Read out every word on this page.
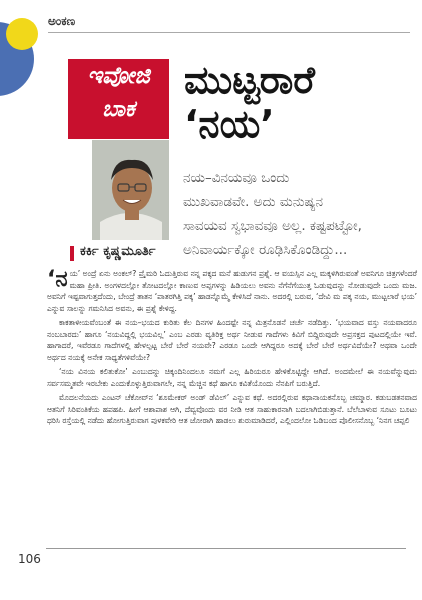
ಅಂಕಣ
ಇವೋಜಿ
ಬಾಕ
ಕರ್ಕಿ ಕೃಷ್ಣಮೂರ್ತಿ
ಮುಟ್ಟರಾರೆ
‘ನಯ’
ನಯ–ವಿನಯವೂ ಒಂದು
ಮುಖವಾಡವೇ. ಅದು ಮನುಷ್ಯನ
ಸಾವಯವ ಸ್ವಭಾವವೂ ಅಲ್ಲ. ಕಷ್ಟಪಟ್ಟೋ,
ಅನಿವಾರ್ಯಕ್ಕೋ ರೂಢಿಸಿಕೊಂಡಿದ್ದು...

‘ನ ಯ’ ಅಂದ್ರೆ ಏನು ಅಂಕಲ್? ಪ್ರೈಮರಿ ಓದುತ್ತಿರುವ ನನ್ನ ಪಕ್ಕದ ಮನೆ ಹುಡುಗನ ಪ್ರಶ್ನೆ. ಆ ವಯಸ್ಸಿನ ಎಲ್ಲ ಮಕ್ಕಳಿಗಿರುವಂತೆ ಅವನಿಗೂ ಚಿತ್ರಗಳೆಂದರೆ ಮಹಾ ಪ್ರೀತಿ. ಅಂಗಳದಲ್ಲೋ ತೋಟದಲ್ಲೋ ಕಾಣುವ ಅಪ್ಪಗಳನ್ನು ಹಿಡಿಯಲು ಅವನು ನೆಗೆನೆಗೆಯುತ್ತ ಓಡುವುದನ್ನು ನೋಡುವುದೇ ಒಂದು ಮಜ. ಅವನಿಗೆ ಇಷ್ಟವಾಗುತ್ತದೆಂದು, ಬೇಂದ್ರೆ ತಾತನ ‘ಪಾತರಗಿತ್ತಿ ಪಕ್ಕ’ ಹಾಡನ್ನೊಮ್ಮೆ ಕೇಳಿಸಿದೆ ನಾನು. ಅದರಲ್ಲಿ ಬರುವ, ‘ದೇವಿ ಮ ಪಕ್ಕ ನಯ, ಮುಟ್ಟಲಾರೆ ಭಯ’ ಎನ್ನುವ ಸಾಲನ್ನು ಗಮನಿಸಿದ ಅವನು, ಈ ಪ್ರಶ್ನೆ ಕೇಳಿದ್ದ.

ಕಾಕತಾಳೀಯವೆಂಬಂತೆ ಈ ನಯ–ಭಯದ ಕುರಿತು ಕೆಲ ದಿನಗಳ ಹಿಂದಷ್ಟೇ ನನ್ನ ಮಿತ್ರನೊಡನೆ ಚರ್ಚೆ ನಡೆದಿತ್ತು. ‘ಭಯವಾದ ವಸ್ತು ನಯವಾದರೂ ನಂಬಬಾರದು’ ಹಾಗೂ ‘ನಯವಿದ್ದಲ್ಲಿ ಭಯವಿಲ್ಲ’ ಎಂಬ ಎರಡು ವ್ಯತಿರಿಕ್ತ ಅರ್ಥ ನೀಡುವ ಗಾದೆಗಳು ಕಿವಿಗೆ ಬಿದ್ದಿರುವುದೇ ಅಪ್ರಸಕ್ತದ ಪುಟದಲ್ಲಿಯೇ ಇವೆ. ಹಾಗಾದರೆ, ಇವೆರಡೂ ಗಾದೆಗಳಲ್ಲಿ ಹೇಳಲ್ಪಟ್ಟ ಬೇರೆ ಬೇರೆ ನಯವೇ? ಎರಡೂ ಒಂದೇ ಆಗಿದ್ದರೂ ಅದಕ್ಕೆ ಬೇರೆ ಬೇರೆ ಅರ್ಥವಿದೆಯೇ? ಅಥವಾ ಒಂದೇ ಅರ್ಥದ ನಯಕ್ಕೆ ಅನೇಕ ಸಾಧ್ಯತೆಗಳಿವೆಯೇ?

‘ನಯ ವಿನಯ ಕಲಿತುಕೋ’ ಎಂಬುದನ್ನು ಚಿಕ್ಕಂದಿನಿಂದಲೂ ನಮಗೆ ಎಲ್ಲ ಹಿರಿಯರೂ ಹೇಳಿಕೊಟ್ಟಿದ್ದೇ ಆಗಿದೆ. ಅಂದಮೇಲೆ ಈ ನಯವೆನ್ನುವುದು ಸರ್ವಸಮ್ಮತವೇ ಇರಬೇಕು ಎಂದುಕೊಳ್ಳುತ್ತಿರುವಾಗಲೇ, ನನ್ನ ಮೆಚ್ಚಿನ ಕಥೆ ಹಾಗೂ ಕವಿತೆಯೊಂದು ನೆನಪಿಗೆ ಬರುತ್ತಿದೆ.

ಮೊದಲನೆಯದು ಎಂಟನ್ ಚೆಕೋವ್‌ನ ‘ಶೂಮೇಕರ್ ಅಂಡ್ ಡೆವಿಲ್’ ಎನ್ನುವ ಕಥೆ. ಅದರಲ್ಲಿರುವ ಕಥಾನಾಯಕನೊಬ್ಬ ಚಮ್ಮಾರ. ಕಡುಬಡತನವಾದ ಆತನಿಗೆ ಸಿರಿವಂತಿಕೆಯ ಹಪಹಪಿ. ಹೀಗೆ ಆಶಾಪಾಶ ಆಗಿ, ದೆವ್ವವೊಂದು ವರ ನೀಡಿ ಆತ ಸಾಹುಕಾರನಾಗಿ ಬದಲಾಗಿಬಿಡುತ್ತಾನೆ. ಬೆಲೆಬಾಳುವ ಸೂಟು ಬೂಟು ಧರಿಸಿ ರಸ್ತೆಯಲ್ಲಿ ನಡೆದು ಹೋಗುತ್ತಿರುವಾಗ ಪುಳಕವೇರಿ ಆತ ಜೋರಾಗಿ ಹಾಡಲು ಶುರುಮಾಡಿದರೆ, ಎಲ್ಲಿಂದಲೋ ಓಡಿಬಂದ ಪೊಲೀಸನೊಬ್ಬ ‘ನಿನಗ ಚಪ್ಪಲಿ

106
